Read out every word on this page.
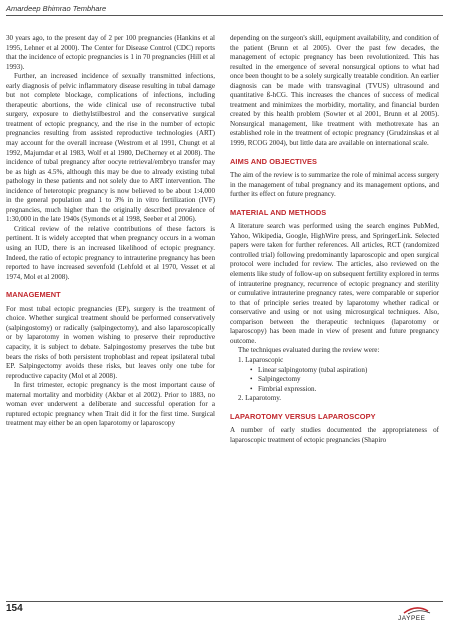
Amardeep Bhimrao Tembhare

30 years ago, to the present day of 2 per 100 pregnancies (Hankins et al 1995, Lehner et al 2000). The Center for Disease Control (CDC) reports that the incidence of ectopic pregnancies is 1 in 70 pregnancies (Hill et al 1993).

Further, an increased incidence of sexually transmitted infections, early diagnosis of pelvic inflammatory disease resulting in tubal damage but not complete blockage, complications of infections, including therapeutic abortions, the wide clinical use of reconstructive tubal surgery, exposure to diethylstilbestrol and the conservative surgical treatment of ectopic pregnancy, and the rise in the number of ectopic pregnancies resulting from assisted reproductive technologies (ART) may account for the overall increase (Westrom et al 1991, Chungt et al 1992, Majumdar et al 1983, Wolf et al 1980, DeCherney et al 2008). The incidence of tubal pregnancy after oocyte retrieval/embryo transfer may be as high as 4.5%, although this may be due to already existing tubal pathology in these patients and not solely due to ART intervention. The incidence of heterotopic pregnancy is now believed to be about 1:4,000 in the general population and 1 to 3% in in vitro fertilization (IVF) pregnancies, much higher than the originally described prevalence of 1:30,000 in the late 1940s (Symonds et al 1998, Seeber et al 2006).

Critical review of the relative contributions of these factors is pertinent. It is widely accepted that when pregnancy occurs in a woman using an IUD, there is an increased likelihood of ectopic pregnancy. Indeed, the ratio of ectopic pregnancy to intrauterine pregnancy has been reported to have increased sevenfold (Lehfold et al 1970, Vesset et al 1974, Mol et al 2008).

MANAGEMENT

For most tubal ectopic pregnancies (EP), surgery is the treatment of choice. Whether surgical treatment should be performed conservatively (salpingostomy) or radically (salpingectomy), and also laparoscopically or by laparotomy in women wishing to preserve their reproductive capacity, it is subject to debate. Salpingostomy preserves the tube but bears the risks of both persistent trophoblast and repeat ipsilateral tubal EP. Salpingectomy avoids these risks, but leaves only one tube for reproductive capacity (Mol et al 2008).

In first trimester, ectopic pregnancy is the most important cause of maternal mortality and morbidity (Akbar et al 2002). Prior to 1883, no woman ever underwent a deliberate and successful operation for a ruptured ectopic pregnancy when Trait did it for the first time. Surgical treatment may either be an open laparotomy or laparoscopy

depending on the surgeon's skill, equipment availability, and condition of the patient (Brunn et al 2005). Over the past few decades, the management of ectopic pregnancy has been revolutionized. This has resulted in the emergence of several nonsurgical options to what had once been thought to be a solely surgically treatable condition. An earlier diagnosis can be made with transvaginal (TVUS) ultrasound and quantitative ß-hCG. This increases the chances of success of medical treatment and minimizes the morbidity, mortality, and financial burden created by this health problem (Sowter et al 2001, Brunn et al 2005). Nonsurgical management, like treatment with methotrexate has an established role in the treatment of ectopic pregnancy (Grudzinskas et al 1999, RCOG 2004), but little data are available on international scale.

AIMS AND OBJECTIVES

The aim of the review is to summarize the role of minimal access surgery in the management of tubal pregnancy and its management options, and further its effect on future pregnancy.

MATERIAL AND METHODS

A literature search was performed using the search engines PubMed, Yahoo, Wikipedia, Google, HighWire press, and SpringerLink. Selected papers were taken for further references. All articles, RCT (randomized controlled trial) following predominantly laparoscopic and open surgical protocol were included for review. The articles, also reviewed on the elements like study of follow-up on subsequent fertility explored in terms of intrauterine pregnancy, recurrence of ectopic pregnancy and sterility or cumulative intrauterine pregnancy rates, were comparable or superior to that of principle series treated by laparotomy whether radical or conservative and using or not using microsurgical techniques. Also, comparison between the therapeutic techniques (laparotomy or laparoscopy) has been made in view of present and future pregnancy outcome.

The techniques evaluated during the review were:

1. Laparoscopic
• Linear salpingotomy (tubal aspiration)
• Salpingectomy
• Fimbrial expression.
2. Laparotomy.
LAPAROTOMY VERSUS LAPAROSCOPY

A number of early studies documented the appropriateness of laparoscopic treatment of ectopic pregnancies (Shapiro

154
JAYPEE
